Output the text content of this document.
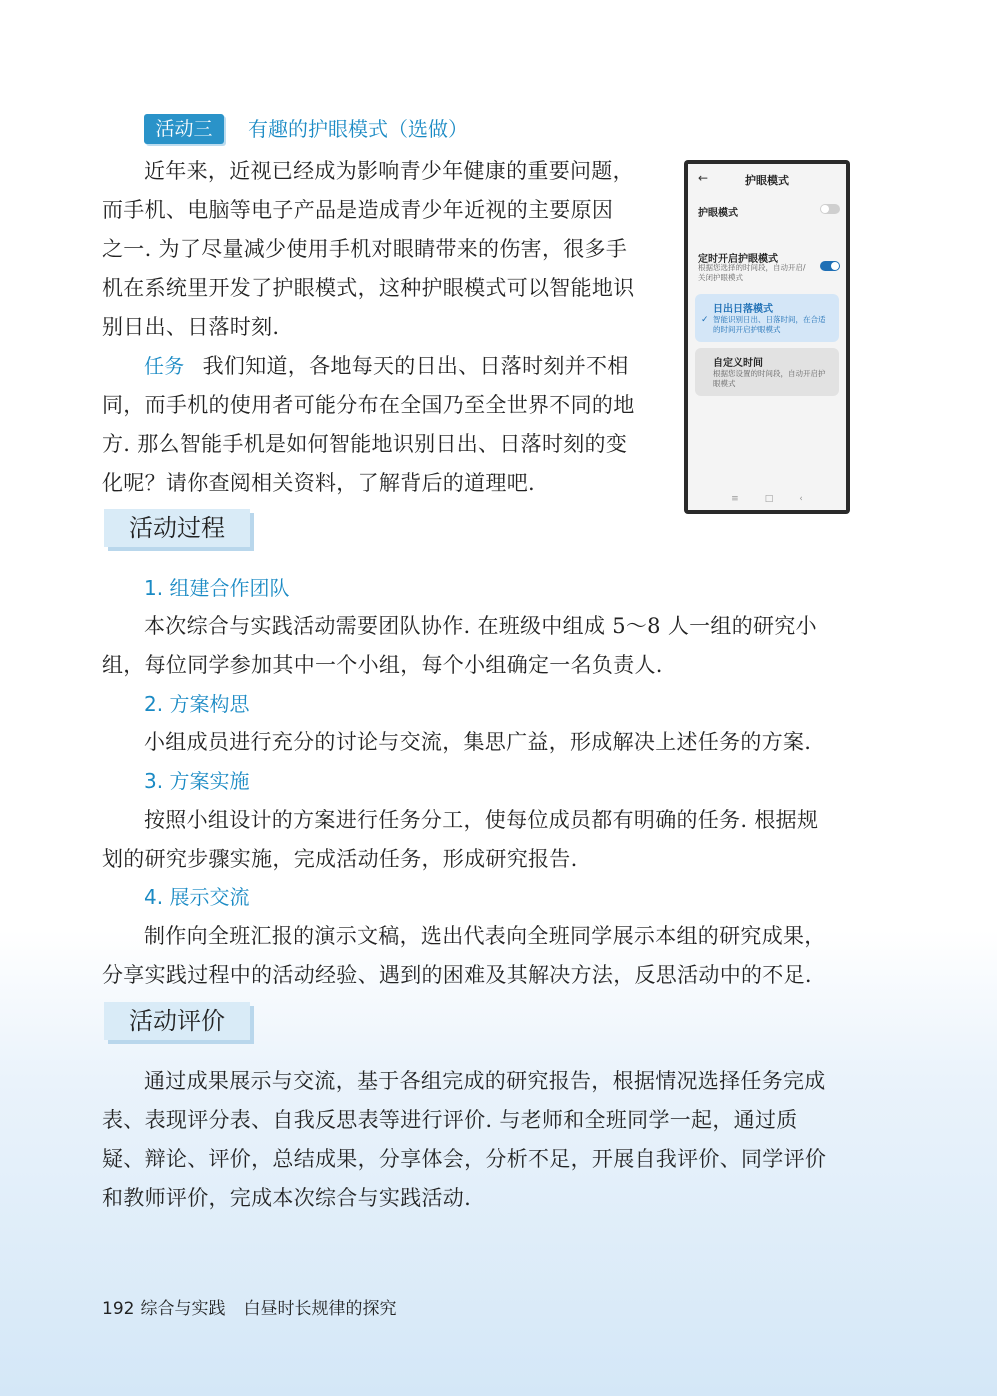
活动三	有趣的护眼模式（选做）

近年来，近视已经成为影响青少年健康的重要问题，

而手机、电脑等电子产品是造成青少年近视的主要原因

之一. 为了尽量减少使用手机对眼睛带来的伤害，很多手

机在系统里开发了护眼模式，这种护眼模式可以智能地识

别日出、日落时刻.

任务 我们知道，各地每天的日出、日落时刻并不相

同，而手机的使用者可能分布在全国乃至全世界不同的地

方. 那么智能手机是如何智能地识别日出、日落时刻的变

化呢？请你查阅相关资料，了解背后的道理吧.

←	护眼模式
护眼模式
定时开启护眼模式
根据您选择的时间段，自动开启/
关闭护眼模式
日出日落模式
✓ 智能识别日出、日落时间，在合适
的时间开启护眼模式
自定义时间
根据您设置的时间段，自动开启护
眼模式
≡□‹
活动过程
1. 组建合作团队

本次综合与实践活动需要团队协作. 在班级中组成 5～8 人一组的研究小

组，每位同学参加其中一个小组，每个小组确定一名负责人.

2. 方案构思

小组成员进行充分的讨论与交流，集思广益，形成解决上述任务的方案.

3. 方案实施

按照小组设计的方案进行任务分工，使每位成员都有明确的任务. 根据规

划的研究步骤实施，完成活动任务，形成研究报告.

4. 展示交流

制作向全班汇报的演示文稿，选出代表向全班同学展示本组的研究成果，

分享实践过程中的活动经验、遇到的困难及其解决方法，反思活动中的不足.

活动评价

通过成果展示与交流，基于各组完成的研究报告，根据情况选择任务完成

表、表现评分表、自我反思表等进行评价. 与老师和全班同学一起，通过质

疑、辩论、评价，总结成果，分享体会，分析不足，开展自我评价、同学评价

和教师评价，完成本次综合与实践活动.

192 综合与实践 白昼时长规律的探究
